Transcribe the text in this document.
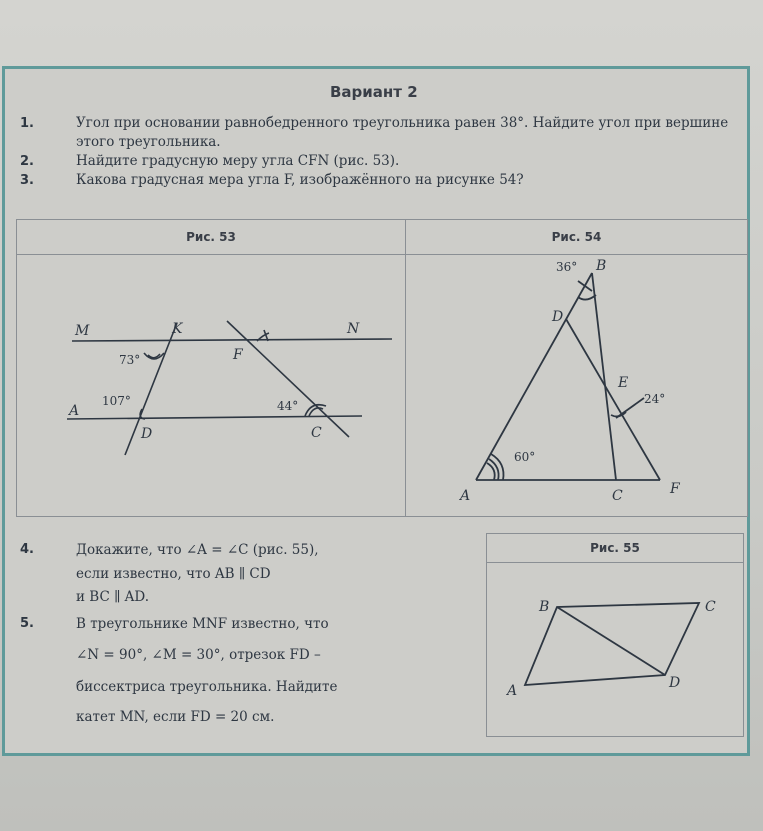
Вариант 2
1.	Угол при основании равнобедренного треугольника равен 38°. Найдите угол при вершине этого треугольника.
2.	Найдите градусную меру угла CFN (рис. 53).
3.	Какова градусная мера угла F, изображённого на рисунке 54?
Рис. 53	Рис. 54
M	K	N
F
A
D	C
73°
107°	44°
B
D
E
A	C	F
36°
24°
60°
4.	Докажите, что ∠A = ∠C (рис. 55),
если известно, что AB ∥ CD
и BC ∥ AD.
5.	В треугольнике MNF известно, что
∠N = 90°, ∠M = 30°, отрезок FD –
биссектриса треугольника. Найдите
катет MN, если FD = 20 см.
Рис. 55
A
B	C
D
